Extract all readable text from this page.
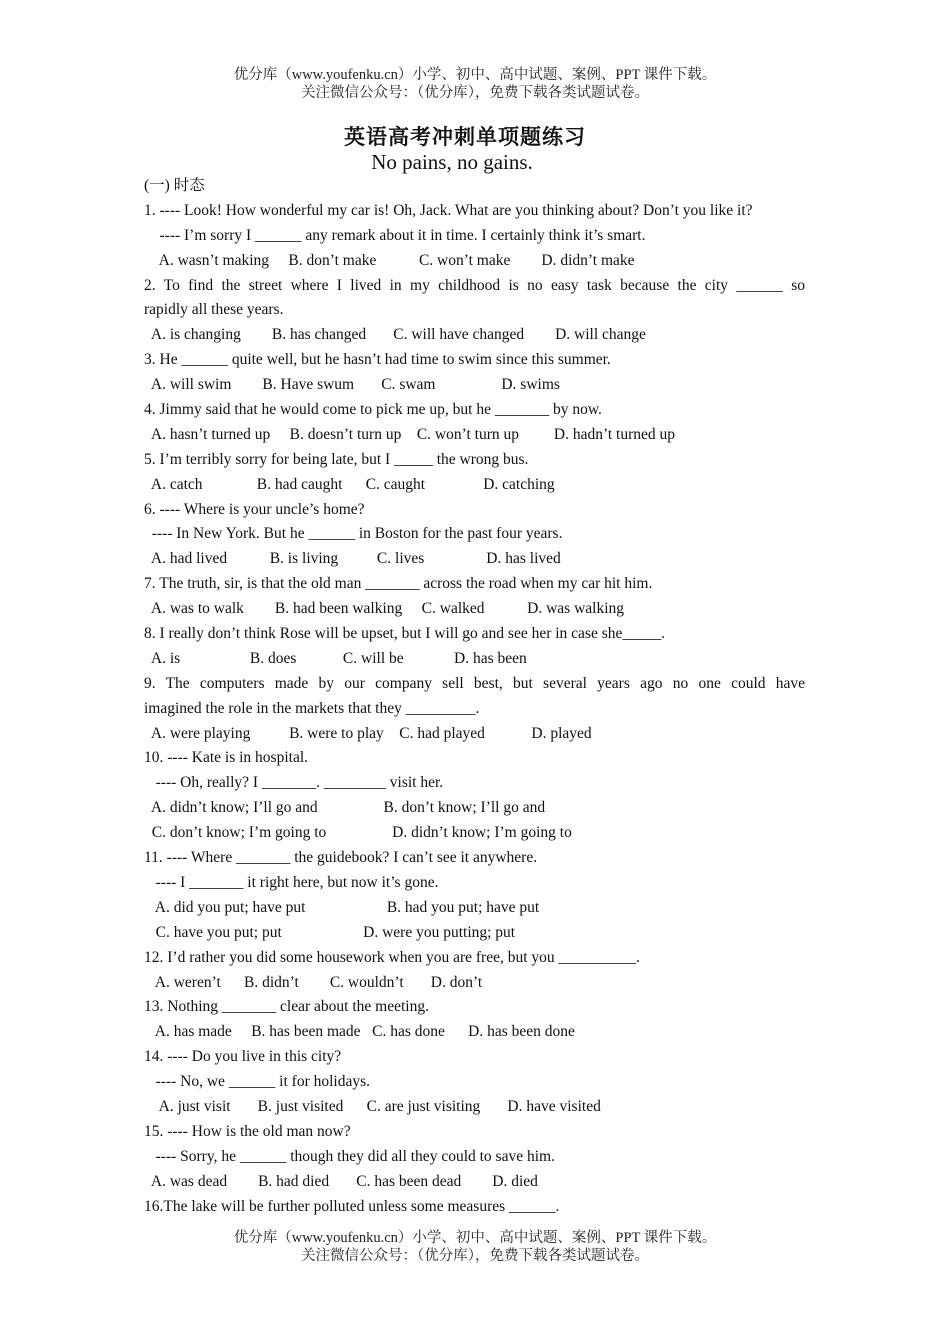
优分库（www.youfenku.cn）小学、初中、高中试题、案例、PPT 课件下载。
关注微信公众号：（优分库），免费下载各类试题试卷。
英语高考冲刺单项题练习
No pains, no gains.
(一) 时态
1. ---- Look! How wonderful my car is! Oh, Jack. What are you thinking about? Don’t you like it?
---- I’m sorry I ______ any remark about it in time. I certainly think it’s smart.
A. wasn’t making     B. don’t make           C. won’t make        D. didn’t make
2. To find the street where I lived in my childhood is no easy task because the city ______ so
rapidly all these years.
A. is changing        B. has changed       C. will have changed        D. will change
3. He ______ quite well, but he hasn’t had time to swim since this summer.
A. will swim        B. Have swum       C. swam                 D. swims
4. Jimmy said that he would come to pick me up, but he _______ by now.
A. hasn’t turned up     B. doesn’t turn up    C. won’t turn up         D. hadn’t turned up
5. I’m terribly sorry for being late, but I _____ the wrong bus.
A. catch              B. had caught      C. caught               D. catching
6. ---- Where is your uncle’s home?
---- In New York. But he ______ in Boston for the past four years.
A. had lived           B. is living          C. lives                D. has lived
7. The truth, sir, is that the old man _______ across the road when my car hit him.
A. was to walk        B. had been walking     C. walked           D. was walking
8. I really don’t think Rose will be upset, but I will go and see her in case she_____.
A. is                  B. does            C. will be             D. has been
9. The computers made by our company sell best, but several years ago no one could have
imagined the role in the markets that they _________.
A. were playing          B. were to play    C. had played            D. played
10. ---- Kate is in hospital.
---- Oh, really? I _______. ________ visit her.
A. didn’t know; I’ll go and                 B. don’t know; I’ll go and
C. don’t know; I’m going to                 D. didn’t know; I’m going to
11. ---- Where _______ the guidebook? I can’t see it anywhere.
---- I _______ it right here, but now it’s gone.
A. did you put; have put                     B. had you put; have put
C. have you put; put                     D. were you putting; put
12. I’d rather you did some housework when you are free, but you __________.
A. weren’t      B. didn’t        C. wouldn’t       D. don’t
13. Nothing _______ clear about the meeting.
A. has made     B. has been made   C. has done      D. has been done
14. ---- Do you live in this city?
---- No, we ______ it for holidays.
A. just visit       B. just visited      C. are just visiting       D. have visited
15. ---- How is the old man now?
---- Sorry, he ______ though they did all they could to save him.
A. was dead        B. had died       C. has been dead        D. died
16.The lake will be further polluted unless some measures ______.
优分库（www.youfenku.cn）小学、初中、高中试题、案例、PPT 课件下载。
关注微信公众号：（优分库），免费下载各类试题试卷。
